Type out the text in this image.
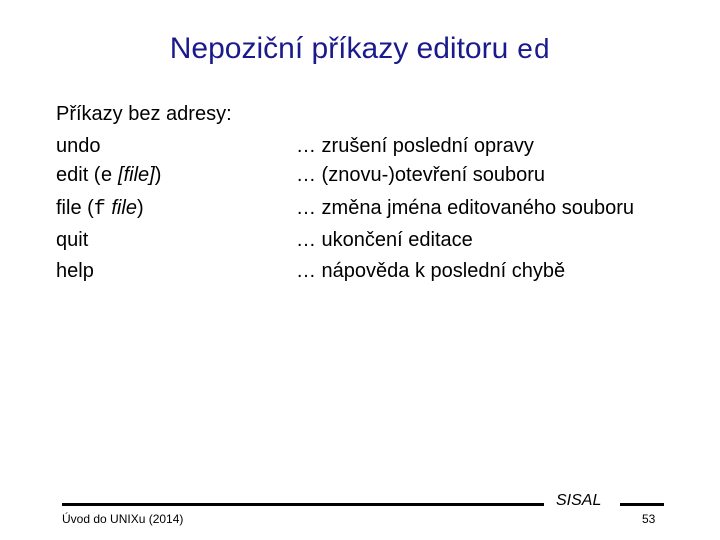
Nepoziční příkazy editoru ed
Příkazy bez adresy:
undo	… zrušení poslední opravy
edit (e [file])	… (znovu-)otevření souboru
file (f file)	… změna jména editovaného souboru
quit	… ukončení editace
help	… nápověda k poslední chybě
Úvod do UNIXu (2014)
SISAL
53
